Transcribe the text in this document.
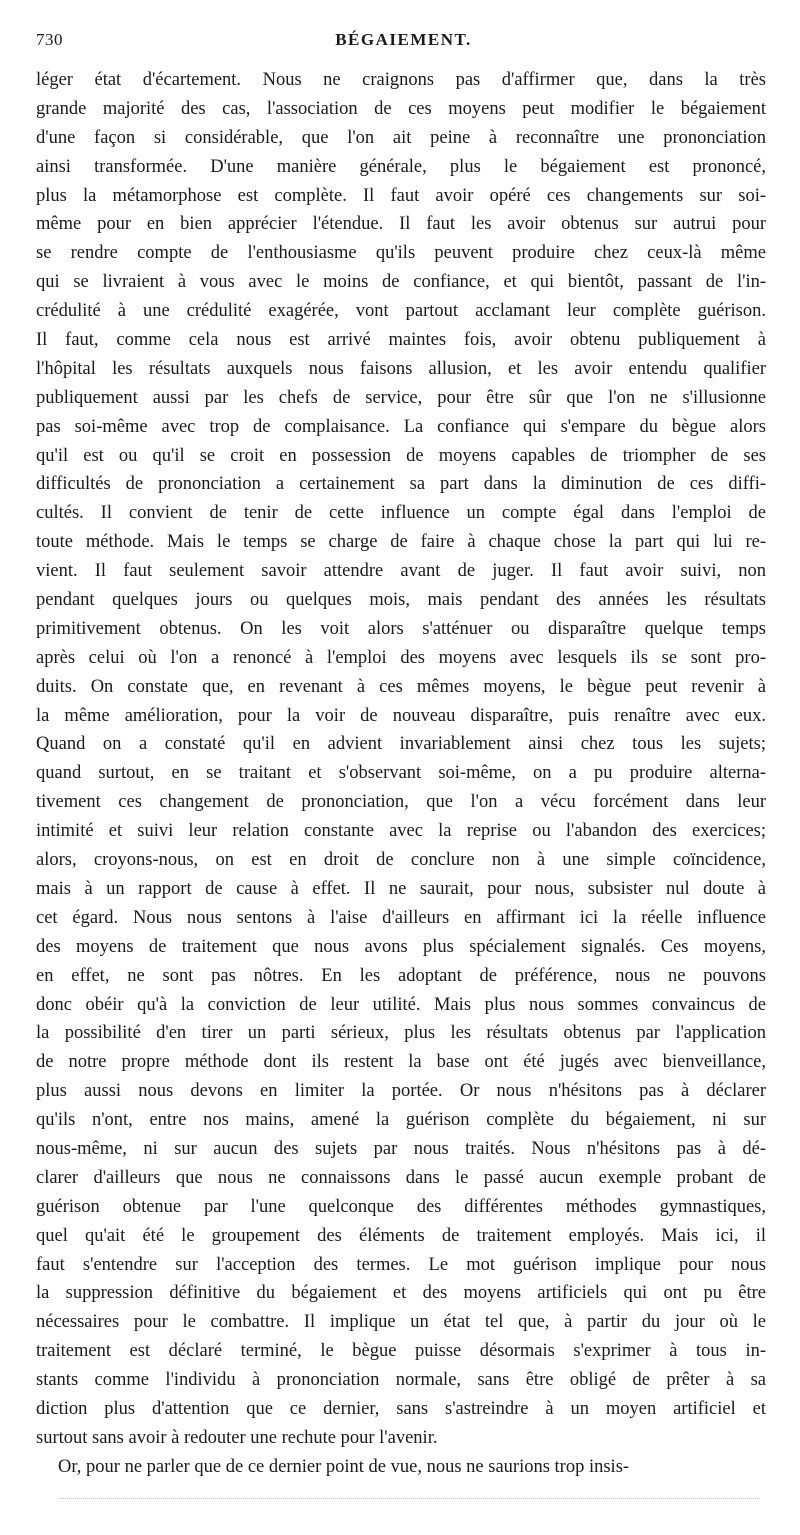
730	BÉGAIEMENT.
léger état d'écartement. Nous ne craignons pas d'affirmer que, dans la très
grande majorité des cas, l'association de ces moyens peut modifier le bégaiement
d'une façon si considérable, que l'on ait peine à reconnaître une prononciation
ainsi transformée. D'une manière générale, plus le bégaiement est prononcé,
plus la métamorphose est complète. Il faut avoir opéré ces changements sur soi-
même pour en bien apprécier l'étendue. Il faut les avoir obtenus sur autrui pour
se rendre compte de l'enthousiasme qu'ils peuvent produire chez ceux-là même
qui se livraient à vous avec le moins de confiance, et qui bientôt, passant de l'in-
crédulité à une crédulité exagérée, vont partout acclamant leur complète guérison.
Il faut, comme cela nous est arrivé maintes fois, avoir obtenu publiquement à
l'hôpital les résultats auxquels nous faisons allusion, et les avoir entendu qualifier
publiquement aussi par les chefs de service, pour être sûr que l'on ne s'illusionne
pas soi-même avec trop de complaisance. La confiance qui s'empare du bègue alors
qu'il est ou qu'il se croit en possession de moyens capables de triompher de ses
difficultés de prononciation a certainement sa part dans la diminution de ces diffi-
cultés. Il convient de tenir de cette influence un compte égal dans l'emploi de
toute méthode. Mais le temps se charge de faire à chaque chose la part qui lui re-
vient. Il faut seulement savoir attendre avant de juger. Il faut avoir suivi, non
pendant quelques jours ou quelques mois, mais pendant des années les résultats
primitivement obtenus. On les voit alors s'atténuer ou disparaître quelque temps
après celui où l'on a renoncé à l'emploi des moyens avec lesquels ils se sont pro-
duits. On constate que, en revenant à ces mêmes moyens, le bègue peut revenir à
la même amélioration, pour la voir de nouveau disparaître, puis renaître avec eux.
Quand on a constaté qu'il en advient invariablement ainsi chez tous les sujets;
quand surtout, en se traitant et s'observant soi-même, on a pu produire alterna-
tivement ces changement de prononciation, que l'on a vécu forcément dans leur
intimité et suivi leur relation constante avec la reprise ou l'abandon des exercices;
alors, croyons-nous, on est en droit de conclure non à une simple coïncidence,
mais à un rapport de cause à effet. Il ne saurait, pour nous, subsister nul doute à
cet égard. Nous nous sentons à l'aise d'ailleurs en affirmant ici la réelle influence
des moyens de traitement que nous avons plus spécialement signalés. Ces moyens,
en effet, ne sont pas nôtres. En les adoptant de préférence, nous ne pouvons
donc obéir qu'à la conviction de leur utilité. Mais plus nous sommes convaincus de
la possibilité d'en tirer un parti sérieux, plus les résultats obtenus par l'application
de notre propre méthode dont ils restent la base ont été jugés avec bienveillance,
plus aussi nous devons en limiter la portée. Or nous n'hésitons pas à déclarer
qu'ils n'ont, entre nos mains, amené la guérison complète du bégaiement, ni sur
nous-même, ni sur aucun des sujets par nous traités. Nous n'hésitons pas à dé-
clarer d'ailleurs que nous ne connaissons dans le passé aucun exemple probant de
guérison obtenue par l'une quelconque des différentes méthodes gymnastiques,
quel qu'ait été le groupement des éléments de traitement employés. Mais ici, il
faut s'entendre sur l'acception des termes. Le mot guérison implique pour nous
la suppression définitive du bégaiement et des moyens artificiels qui ont pu être
nécessaires pour le combattre. Il implique un état tel que, à partir du jour où le
traitement est déclaré terminé, le bègue puisse désormais s'exprimer à tous in-
stants comme l'individu à prononciation normale, sans être obligé de prêter à sa
diction plus d'attention que ce dernier, sans s'astreindre à un moyen artificiel et
surtout sans avoir à redouter une rechute pour l'avenir.
Or, pour ne parler que de ce dernier point de vue, nous ne saurions trop insis-
